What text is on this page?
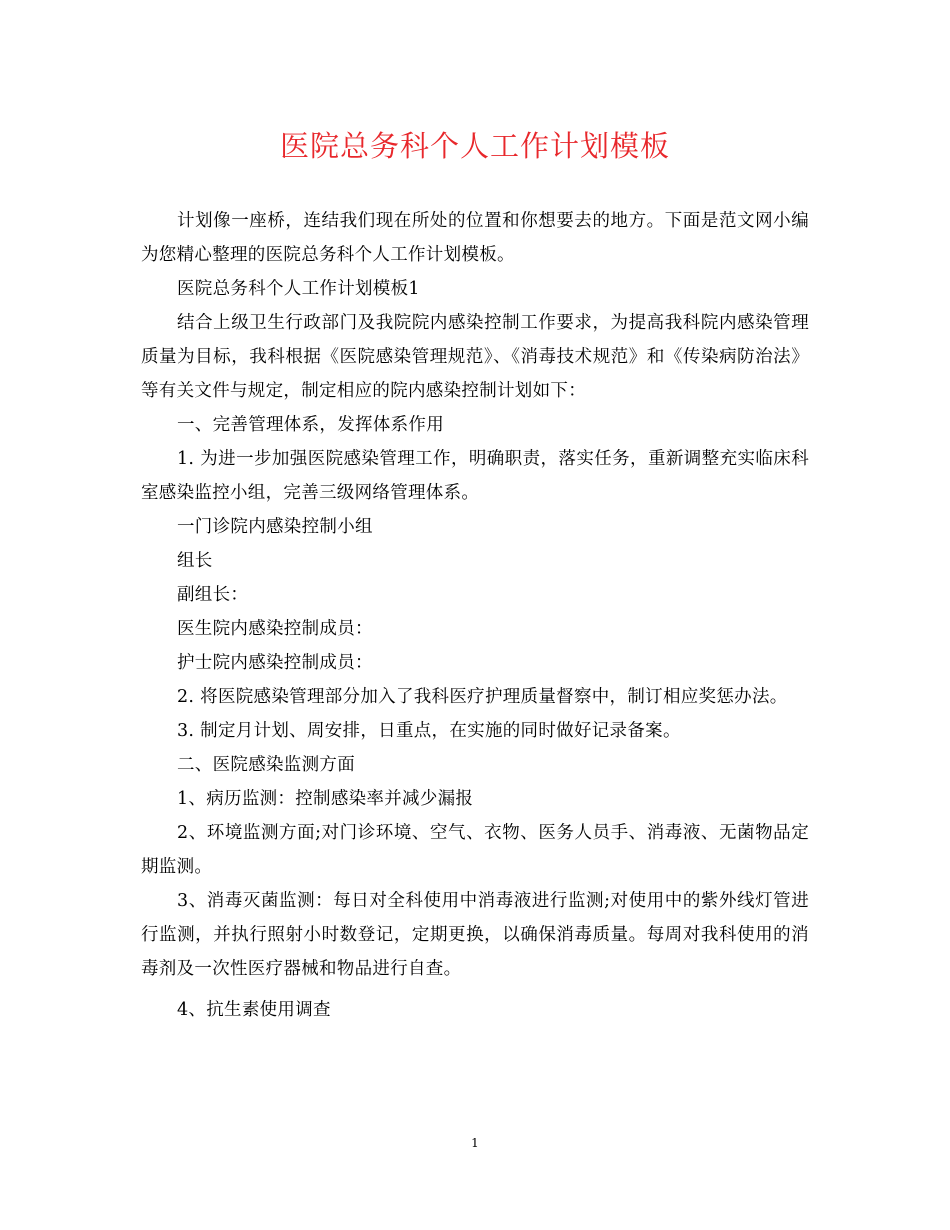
医院总务科个人工作计划模板

计划像一座桥，连结我们现在所处的位置和你想要去的地方。下面是范文网小编为您精心整理的医院总务科个人工作计划模板。

医院总务科个人工作计划模板1

结合上级卫生行政部门及我院院内感染控制工作要求，为提高我科院内感染管理质量为目标，我科根据《医院感染管理规范》、《消毒技术规范》和《传染病防治法》等有关文件与规定，制定相应的院内感染控制计划如下：

一、完善管理体系，发挥体系作用

1. 为进一步加强医院感染管理工作，明确职责，落实任务，重新调整充实临床科室感染监控小组，完善三级网络管理体系。

一门诊院内感染控制小组

组长

副组长：

医生院内感染控制成员：

护士院内感染控制成员：

2. 将医院感染管理部分加入了我科医疗护理质量督察中，制订相应奖惩办法。

3. 制定月计划、周安排，日重点，在实施的同时做好记录备案。

二、医院感染监测方面

1、病历监测：控制感染率并减少漏报

2、环境监测方面;对门诊环境、空气、衣物、医务人员手、消毒液、无菌物品定期监测。

3、消毒灭菌监测：每日对全科使用中消毒液进行监测;对使用中的紫外线灯管进行监测，并执行照射小时数登记，定期更换，以确保消毒质量。每周对我科使用的消毒剂及一次性医疗器械和物品进行自查。

4、抗生素使用调查

1
